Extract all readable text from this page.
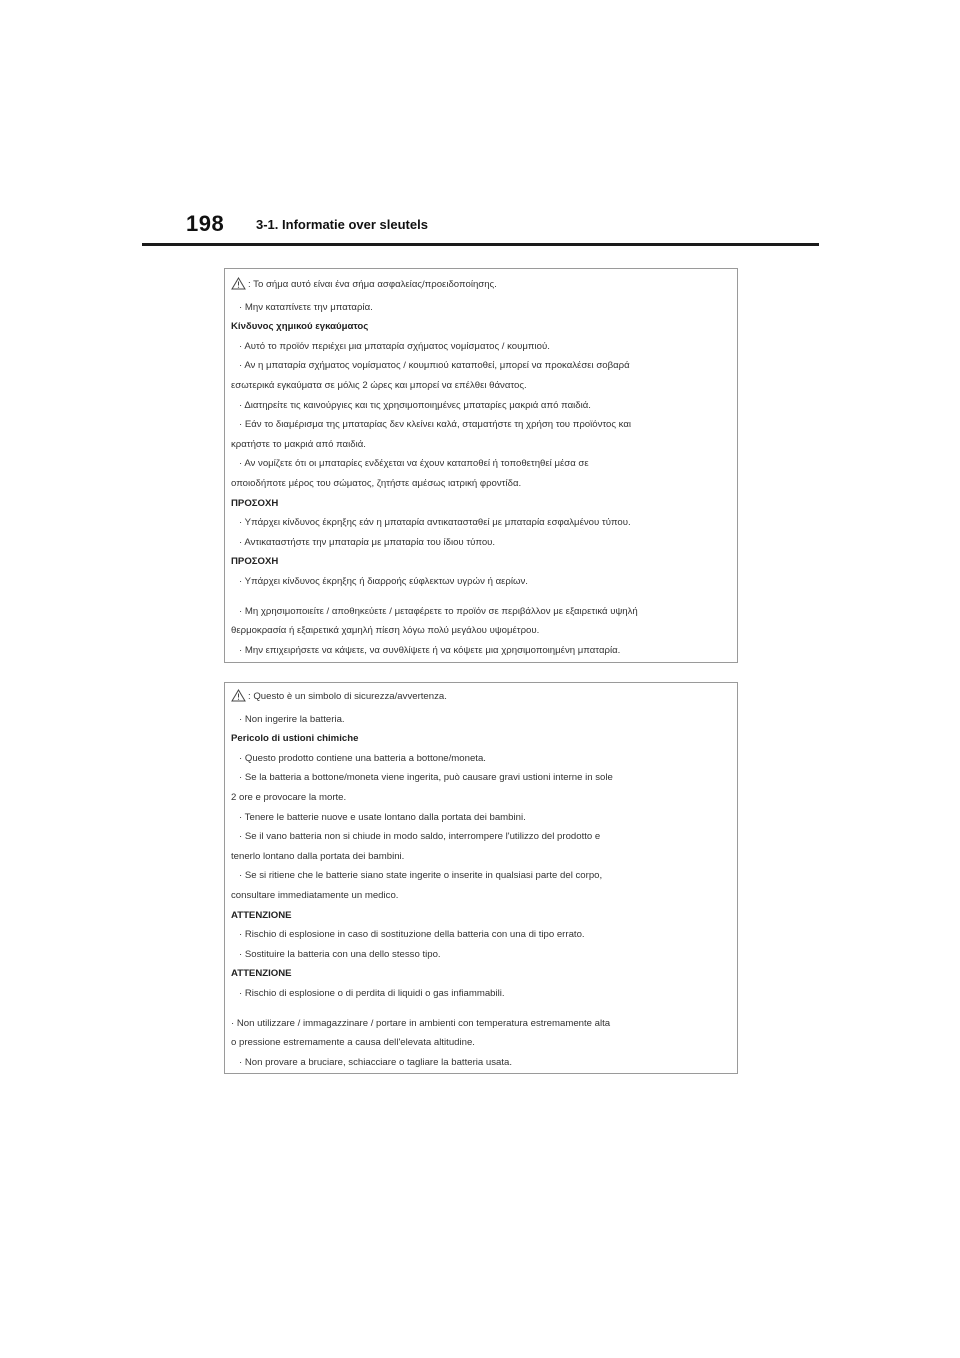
198 3-1. Informatie over sleutels
: Το σήμα αυτό είναι ένα σήμα ασφαλείας/προειδοποίησης.
· Μην καταπίνετε την μπαταρία.
Κίνδυνος χημικού εγκαύματος
· Αυτό το προϊόν περιέχει μια μπαταρία σχήματος νομίσματος / κουμπιού.
· Αν η μπαταρία σχήματος νομίσματος / κουμπιού καταποθεί, μπορεί να προκαλέσει σοβαρά
εσωτερικά εγκαύματα σε μόλις 2 ώρες και μπορεί να επέλθει θάνατος.
· Διατηρείτε τις καινούργιες και τις χρησιμοποιημένες μπαταρίες μακριά από παιδιά.
· Εάν το διαμέρισμα της μπαταρίας δεν κλείνει καλά, σταματήστε τη χρήση του προϊόντος και
κρατήστε το μακριά από παιδιά.
· Αν νομίζετε ότι οι μπαταρίες ενδέχεται να έχουν καταποθεί ή τοποθετηθεί μέσα σε
οποιοδήποτε μέρος του σώματος, ζητήστε αμέσως ιατρική φροντίδα.
ΠΡΟΣΟΧΗ
· Υπάρχει κίνδυνος έκρηξης εάν η μπαταρία αντικατασταθεί με μπαταρία εσφαλμένου τύπου.
· Αντικαταστήστε την μπαταρία με μπαταρία του ίδιου τύπου.
ΠΡΟΣΟΧΗ
· Υπάρχει κίνδυνος έκρηξης ή διαρροής εύφλεκτων υγρών ή αερίων.
· Μη χρησιμοποιείτε / αποθηκεύετε / μεταφέρετε το προϊόν σε περιβάλλον με εξαιρετικά υψηλή
θερμοκρασία ή εξαιρετικά χαμηλή πίεση λόγω πολύ μεγάλου υψομέτρου.
· Μην επιχειρήσετε να κάψετε, να συνθλίψετε ή να κόψετε μια χρησιμοποιημένη μπαταρία.
: Questo è un simbolo di sicurezza/avvertenza.
· Non ingerire la batteria.
Pericolo di ustioni chimiche
· Questo prodotto contiene una batteria a bottone/moneta.
· Se la batteria a bottone/moneta viene ingerita, può causare gravi ustioni interne in sole
2 ore e provocare la morte.
· Tenere le batterie nuove e usate lontano dalla portata dei bambini.
· Se il vano batteria non si chiude in modo saldo, interrompere l'utilizzo del prodotto e
tenerlo lontano dalla portata dei bambini.
· Se si ritiene che le batterie siano state ingerite o inserite in qualsiasi parte del corpo,
consultare immediatamente un medico.
ATTENZIONE
· Rischio di esplosione in caso di sostituzione della batteria con una di tipo errato.
· Sostituire la batteria con una dello stesso tipo.
ATTENZIONE
· Rischio di esplosione o di perdita di liquidi o gas infiammabili.
· Non utilizzare / immagazzinare / portare in ambienti con temperatura estremamente alta
o pressione estremamente a causa dell'elevata altitudine.
· Non provare a bruciare, schiacciare o tagliare la batteria usata.
